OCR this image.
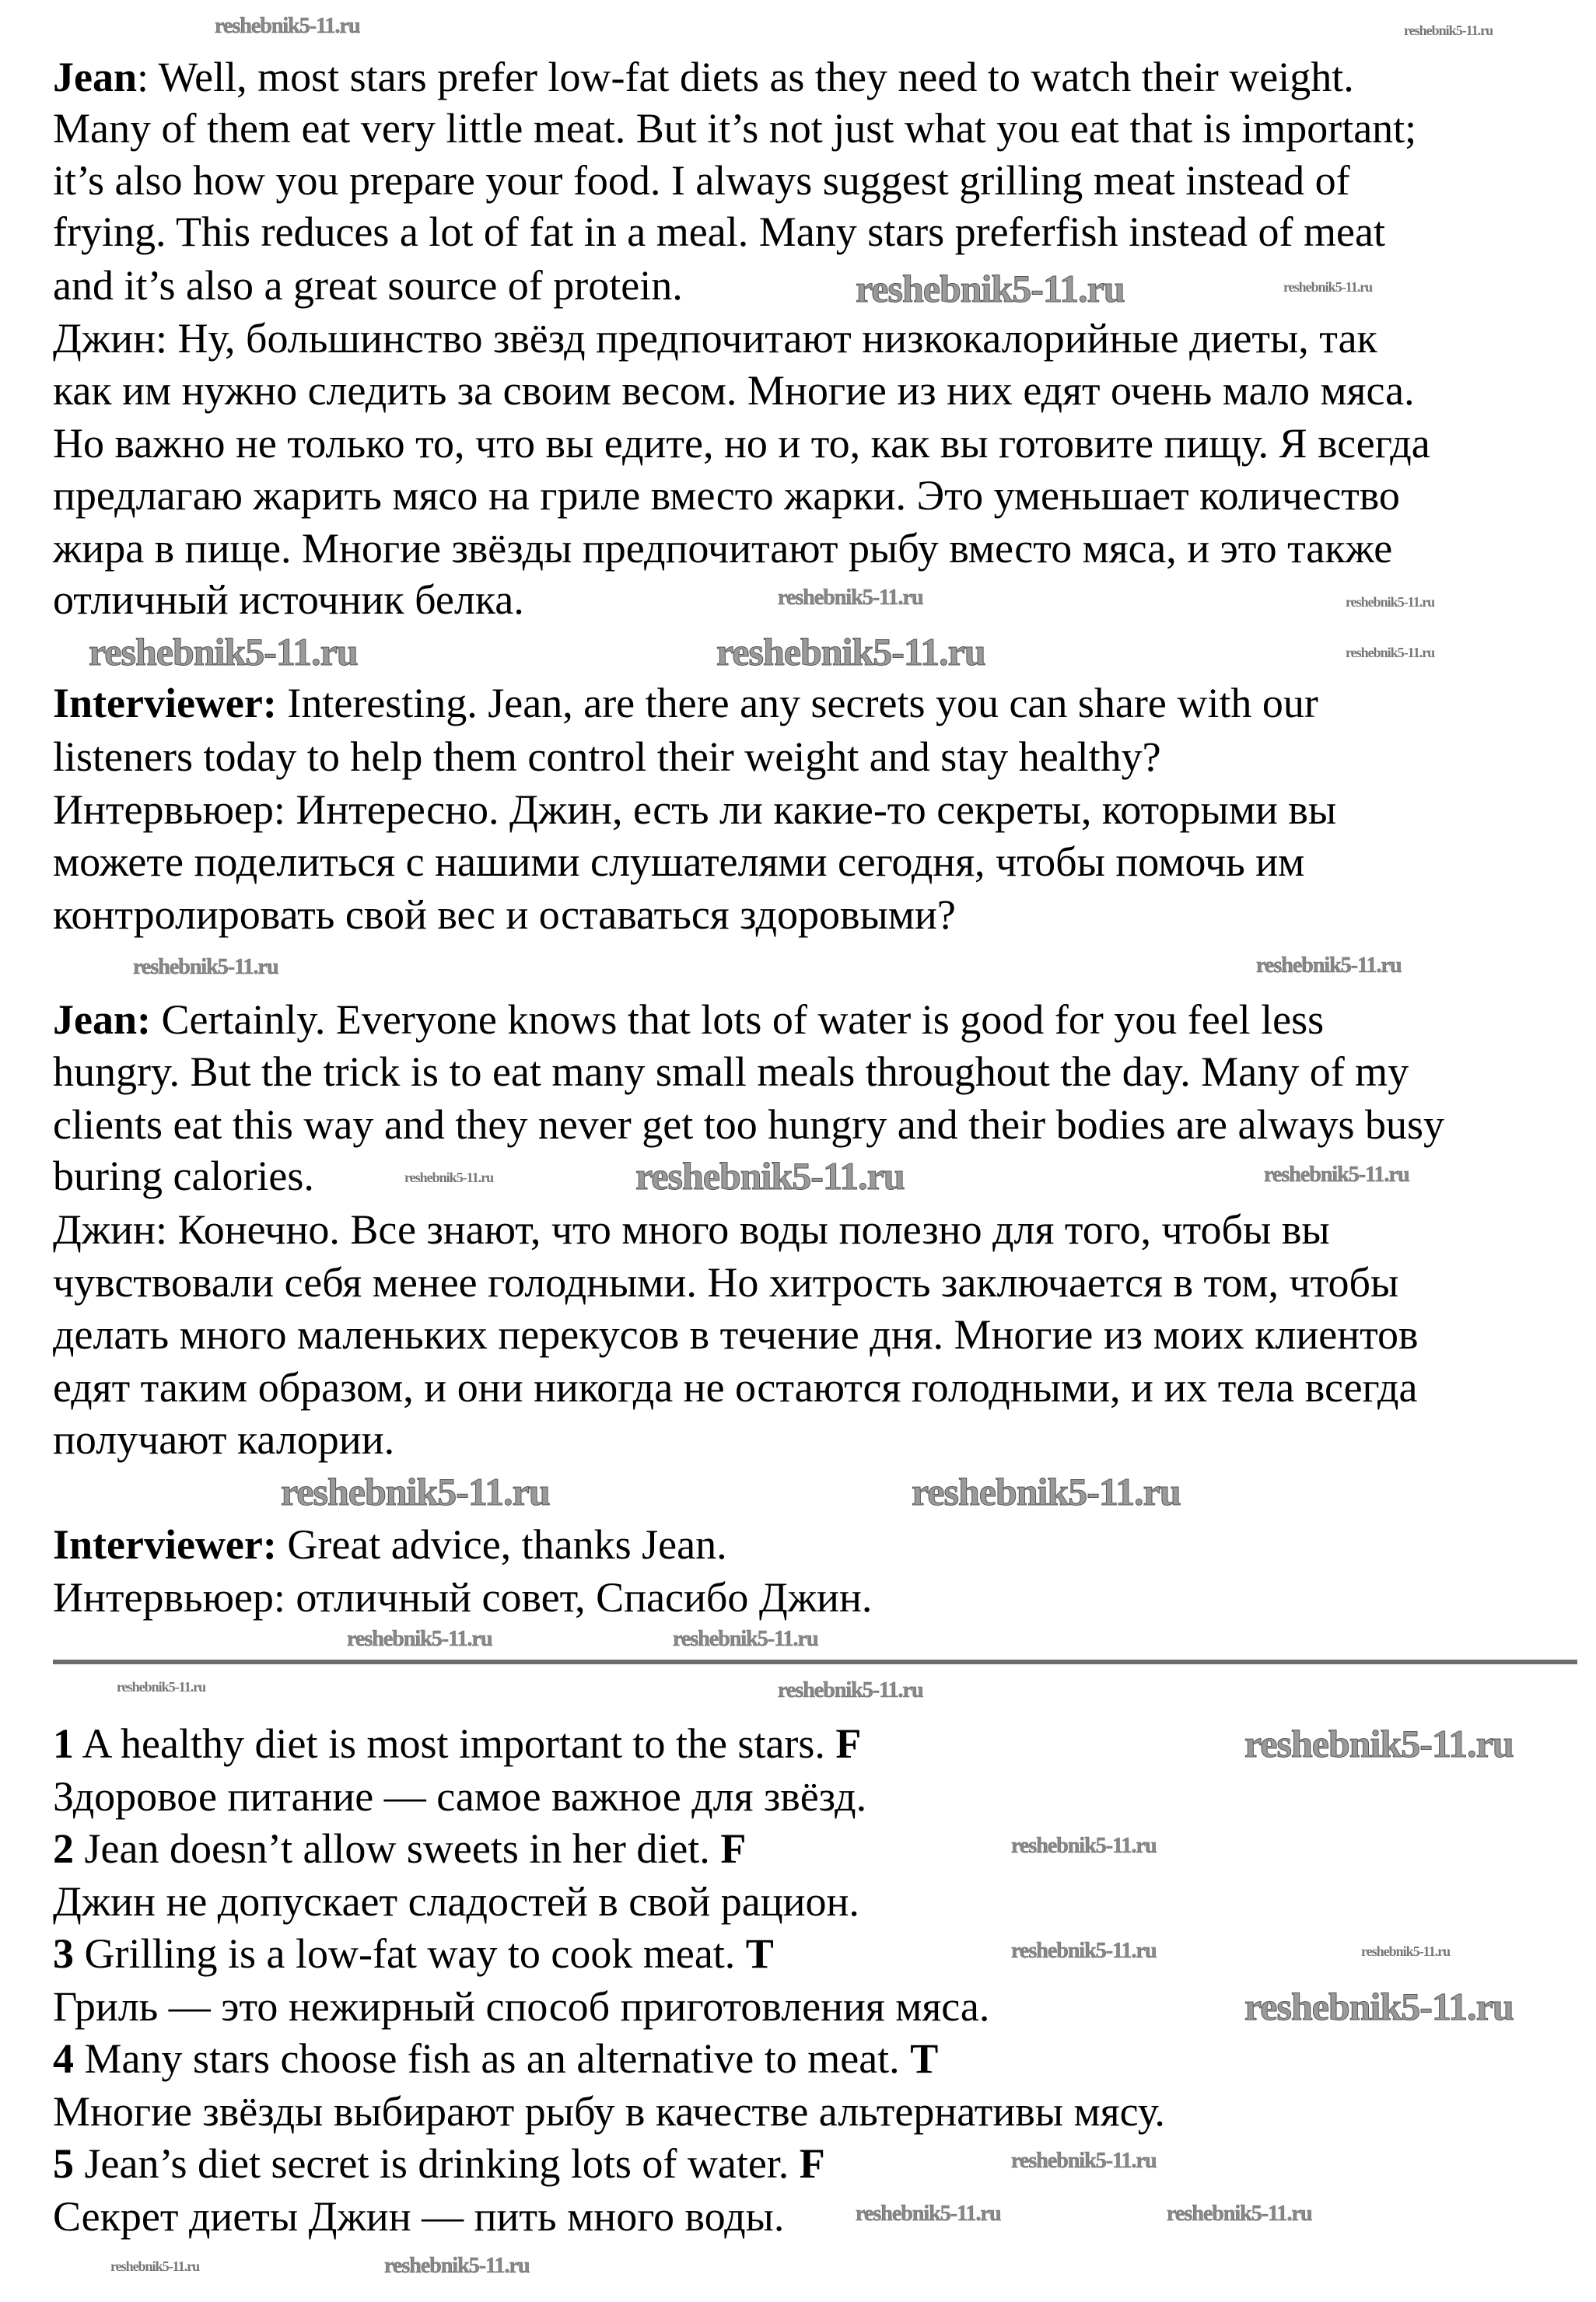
Jean: Well, most stars prefer low-fat diets as they need to watch their weight.
Many of them eat very little meat. But it’s not just what you eat that is important;
it’s also how you prepare your food. I always suggest grilling meat instead of
frying. This reduces a lot of fat in a meal. Many stars preferfish instead of meat
and it’s also a great source of protein.
Джин: Ну, большинство звёзд предпочитают низкокалорийные диеты, так
как им нужно следить за своим весом. Многие из них едят очень мало мяса.
Но важно не только то, что вы едите, но и то, как вы готовите пищу. Я всегда
предлагаю жарить мясо на гриле вместо жарки. Это уменьшает количество
жира в пище. Многие звёзды предпочитают рыбу вместо мяса, и это также
отличный источник белка.
Interviewer: Interesting. Jean, are there any secrets you can share with our
listeners today to help them control their weight and stay healthy?
Интервьюер: Интересно. Джин, есть ли какие-то секреты, которыми вы
можете поделиться с нашими слушателями сегодня, чтобы помочь им
контролировать свой вес и оставаться здоровыми?
Jean: Certainly. Everyone knows that lots of water is good for you feel less
hungry. But the trick is to eat many small meals throughout the day. Many of my
clients eat this way and they never get too hungry and their bodies are always busy
buring calories.
Джин: Конечно. Все знают, что много воды полезно для того, чтобы вы
чувствовали себя менее голодными. Но хитрость заключается в том, чтобы
делать много маленьких перекусов в течение дня. Многие из моих клиентов
едят таким образом, и они никогда не остаются голодными, и их тела всегда
получают калории.
Interviewer: Great advice, thanks Jean.
Интервьюер: отличный совет, Спасибо Джин.
1 A healthy diet is most important to the stars. F
Здоровое питание — самое важное для звёзд.
2 Jean doesn’t allow sweets in her diet. F
Джин не допускает сладостей в свой рацион.
3 Grilling is a low-fat way to cook meat. T
Гриль — это нежирный способ приготовления мяса.
4 Many stars choose fish as an alternative to meat. T
Многие звёзды выбирают рыбу в качестве альтернативы мясу.
5 Jean’s diet secret is drinking lots of water. F
Секрет диеты Джин — пить много воды.
reshebnik5-11.ru	reshebnik5-11.ru
reshebnik5-11.ru	reshebnik5-11.ru
reshebnik5-11.ru	reshebnik5-11.ru
reshebnik5-11.ru	reshebnik5-11.ru	reshebnik5-11.ru
reshebnik5-11.ru
reshebnik5-11.ru
reshebnik5-11.ru	reshebnik5-11.ru
reshebnik5-11.ru
reshebnik5-11.ru
reshebnik5-11.ru
reshebnik5-11.ru	reshebnik5-11.ru
reshebnik5-11.ru	reshebnik5-11.ru
reshebnik5-11.ru
reshebnik5-11.ru
reshebnik5-11.ru	reshebnik5-11.ru
reshebnik5-11.ru
reshebnik5-11.ru
reshebnik5-11.ru	reshebnik5-11.ru
reshebnik5-11.ru	reshebnik5-11.ru
